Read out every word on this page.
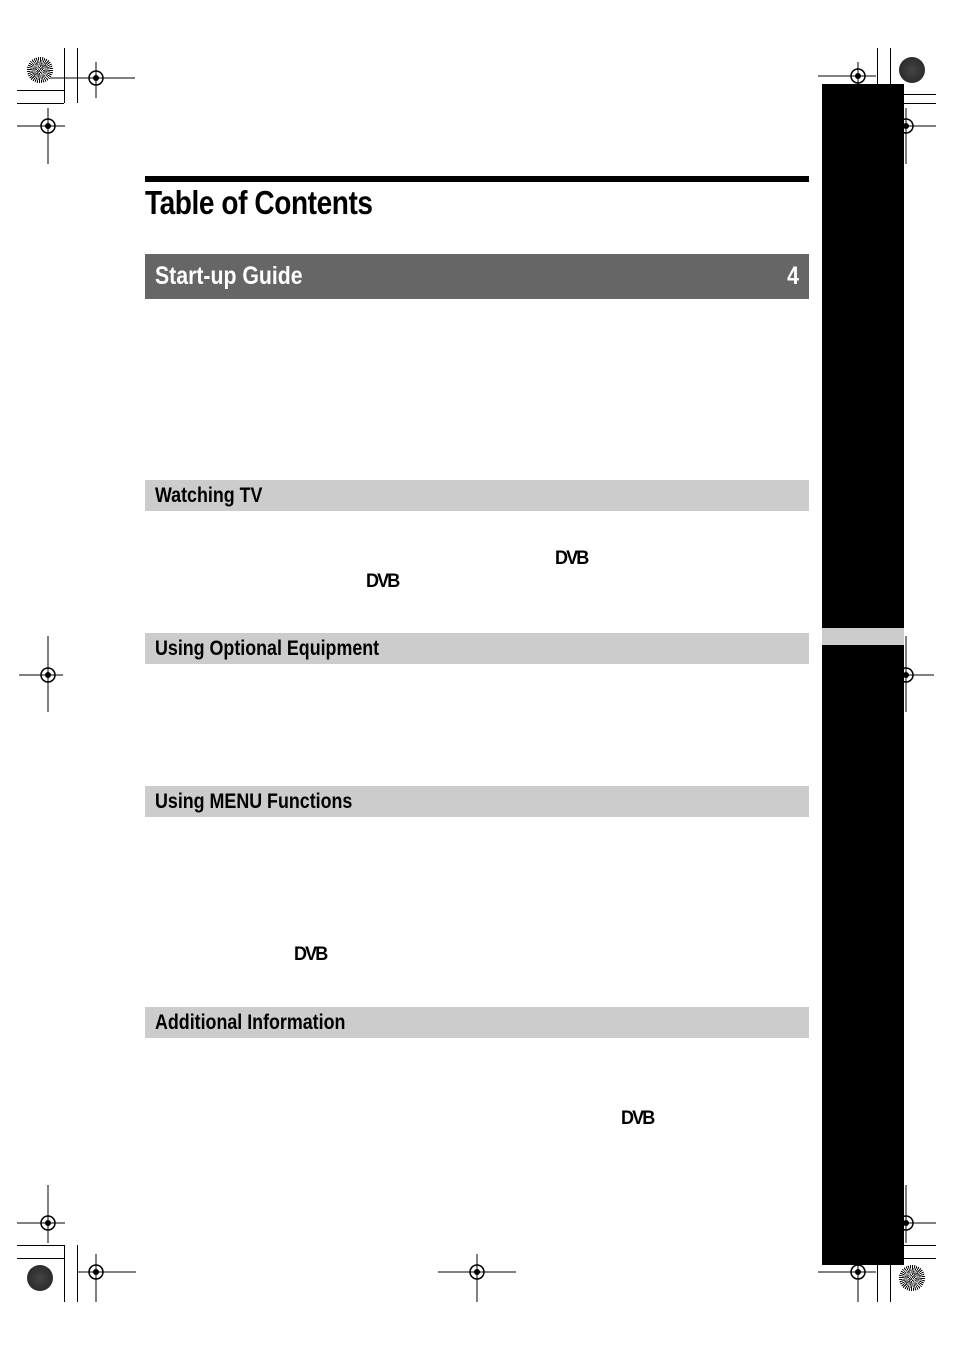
Table of Contents
Start-up Guide	4
Watching TV
Using Optional Equipment
Using MENU Functions
Additional Information
DVB
DVB
DVB
DVB
